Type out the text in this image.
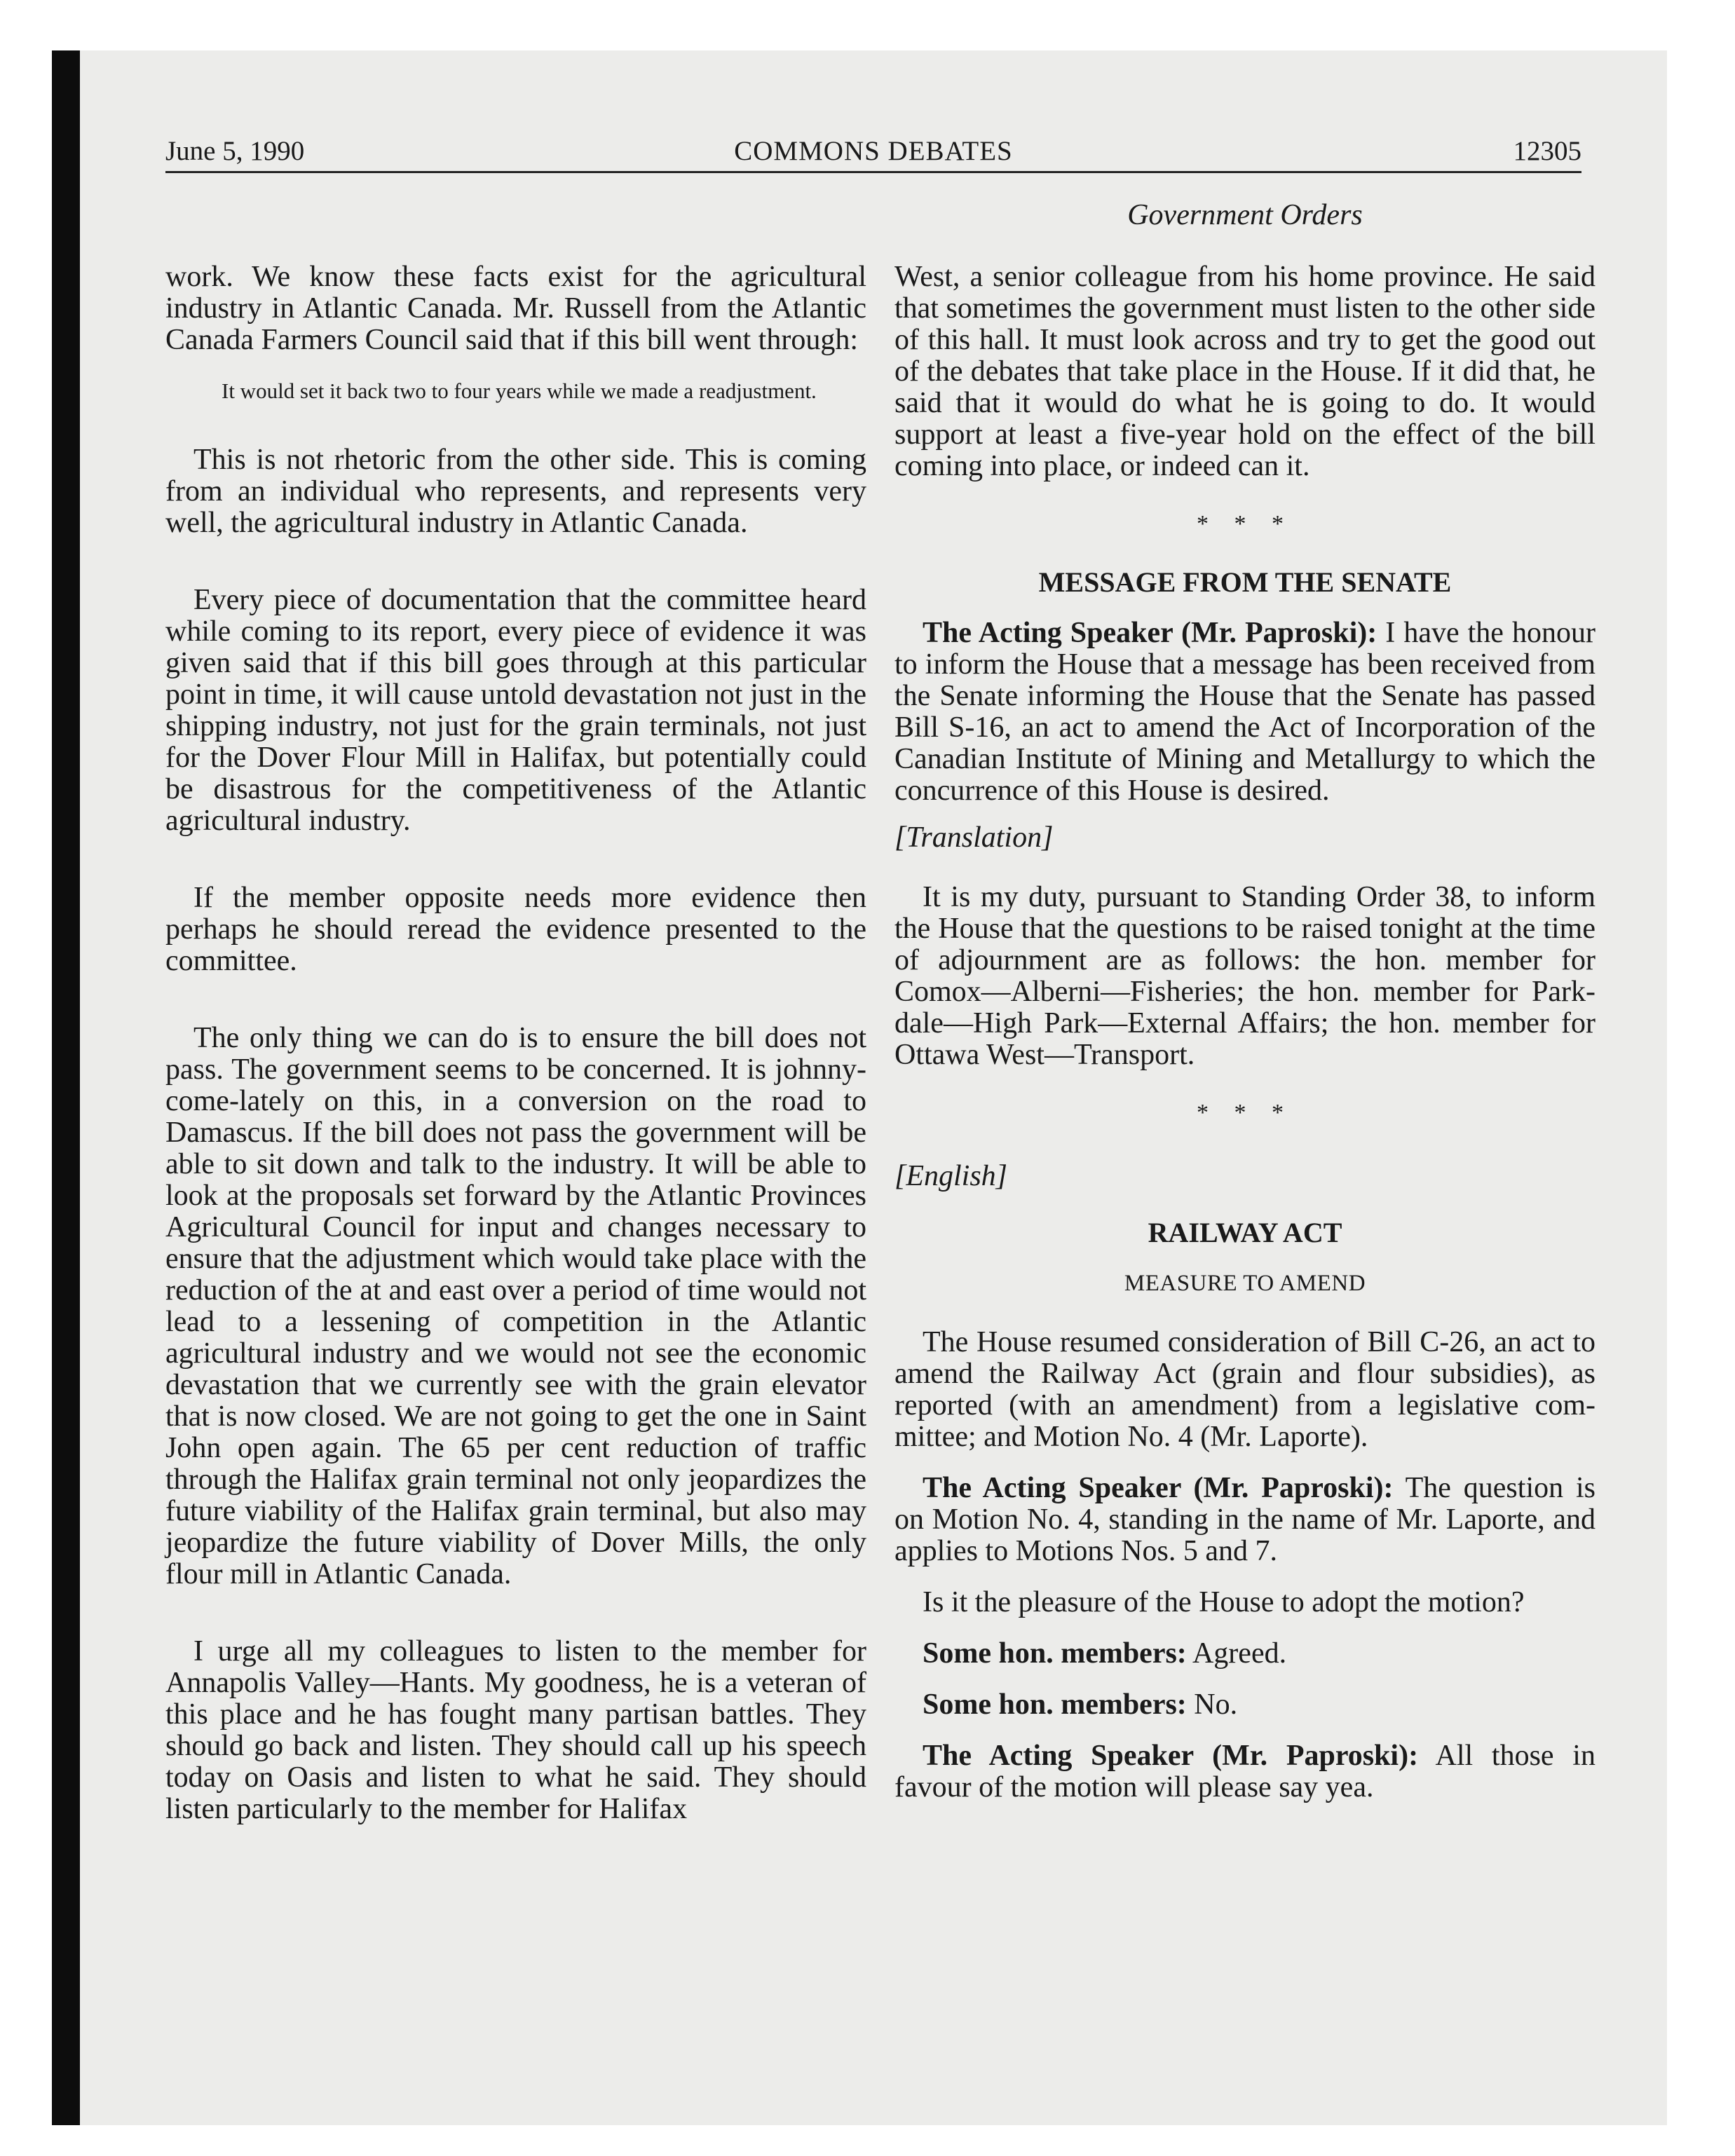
June 5, 1990	COMMONS DEBATES	12305

work. We know these facts exist for the agricultural industry in Atlantic Canada. Mr. Russell from the Atlantic Canada Farmers Council said that if this bill went through:

It would set it back two to four years while we made a readjustment.

This is not rhetoric from the other side. This is coming from an individual who represents, and represents very well, the agricultural industry in Atlantic Canada.

Every piece of documentation that the committee heard while coming to its report, every piece of evidence it was given said that if this bill goes through at this particular point in time, it will cause untold devastation not just in the shipping industry, not just for the grain terminals, not just for the Dover Flour Mill in Halifax, but potentially could be disastrous for the competitiveness of the Atlantic agricultural industry.

If the member opposite needs more evidence then perhaps he should reread the evidence presented to the committee.

The only thing we can do is to ensure the bill does not pass. The government seems to be concerned. It is johnny-come-lately on this, in a conversion on the road to Damascus. If the bill does not pass the government will be able to sit down and talk to the industry. It will be able to look at the proposals set forward by the Atlantic Provinces Agricultural Council for input and changes necessary to ensure that the adjustment which would take place with the reduction of the at and east over a period of time would not lead to a lessening of competition in the Atlantic agricultural industry and we would not see the economic devastation that we currently see with the grain elevator that is now closed. We are not going to get the one in Saint John open again. The 65 per cent reduction of traffic through the Halifax grain terminal not only jeopardizes the future viability of the Halifax grain terminal, but also may jeopardize the future viability of Dover Mills, the only flour mill in Atlantic Canada.

I urge all my colleagues to listen to the member for Annapolis Valley—Hants. My goodness, he is a veteran of this place and he has fought many partisan battles. They should go back and listen. They should call up his speech today on Oasis and listen to what he said. They should listen particularly to the member for Halifax

Government Orders

West, a senior colleague from his home province. He said that sometimes the government must listen to the other side of this hall. It must look across and try to get the good out of the debates that take place in the House. If it did that, he said that it would do what he is going to do. It would support at least a five-year hold on the effect of the bill coming into place, or indeed can it.

* * *
MESSAGE FROM THE SENATE

The Acting Speaker (Mr. Paproski): I have the honour to inform the House that a message has been received from the Senate informing the House that the Senate has passed Bill S-16, an act to amend the Act of Incorporation of the Canadian Institute of Mining and Metallurgy to which the concurrence of this House is desired.

[Translation]

It is my duty, pursuant to Standing Order 38, to inform the House that the questions to be raised tonight at the time of adjournment are as follows: the hon. member for Comox—Alberni—Fisheries; the hon. member for Parkdale—High Park—External Affairs; the hon. member for Ottawa West—Transport.

* * *

[English]

RAILWAY ACT
MEASURE TO AMEND

The House resumed consideration of Bill C-26, an act to amend the Railway Act (grain and flour subsidies), as reported (with an amendment) from a legislative committee; and Motion No. 4 (Mr. Laporte).

The Acting Speaker (Mr. Paproski): The question is on Motion No. 4, standing in the name of Mr. Laporte, and applies to Motions Nos. 5 and 7.

Is it the pleasure of the House to adopt the motion?

Some hon. members: Agreed.

Some hon. members: No.

The Acting Speaker (Mr. Paproski): All those in favour of the motion will please say yea.
